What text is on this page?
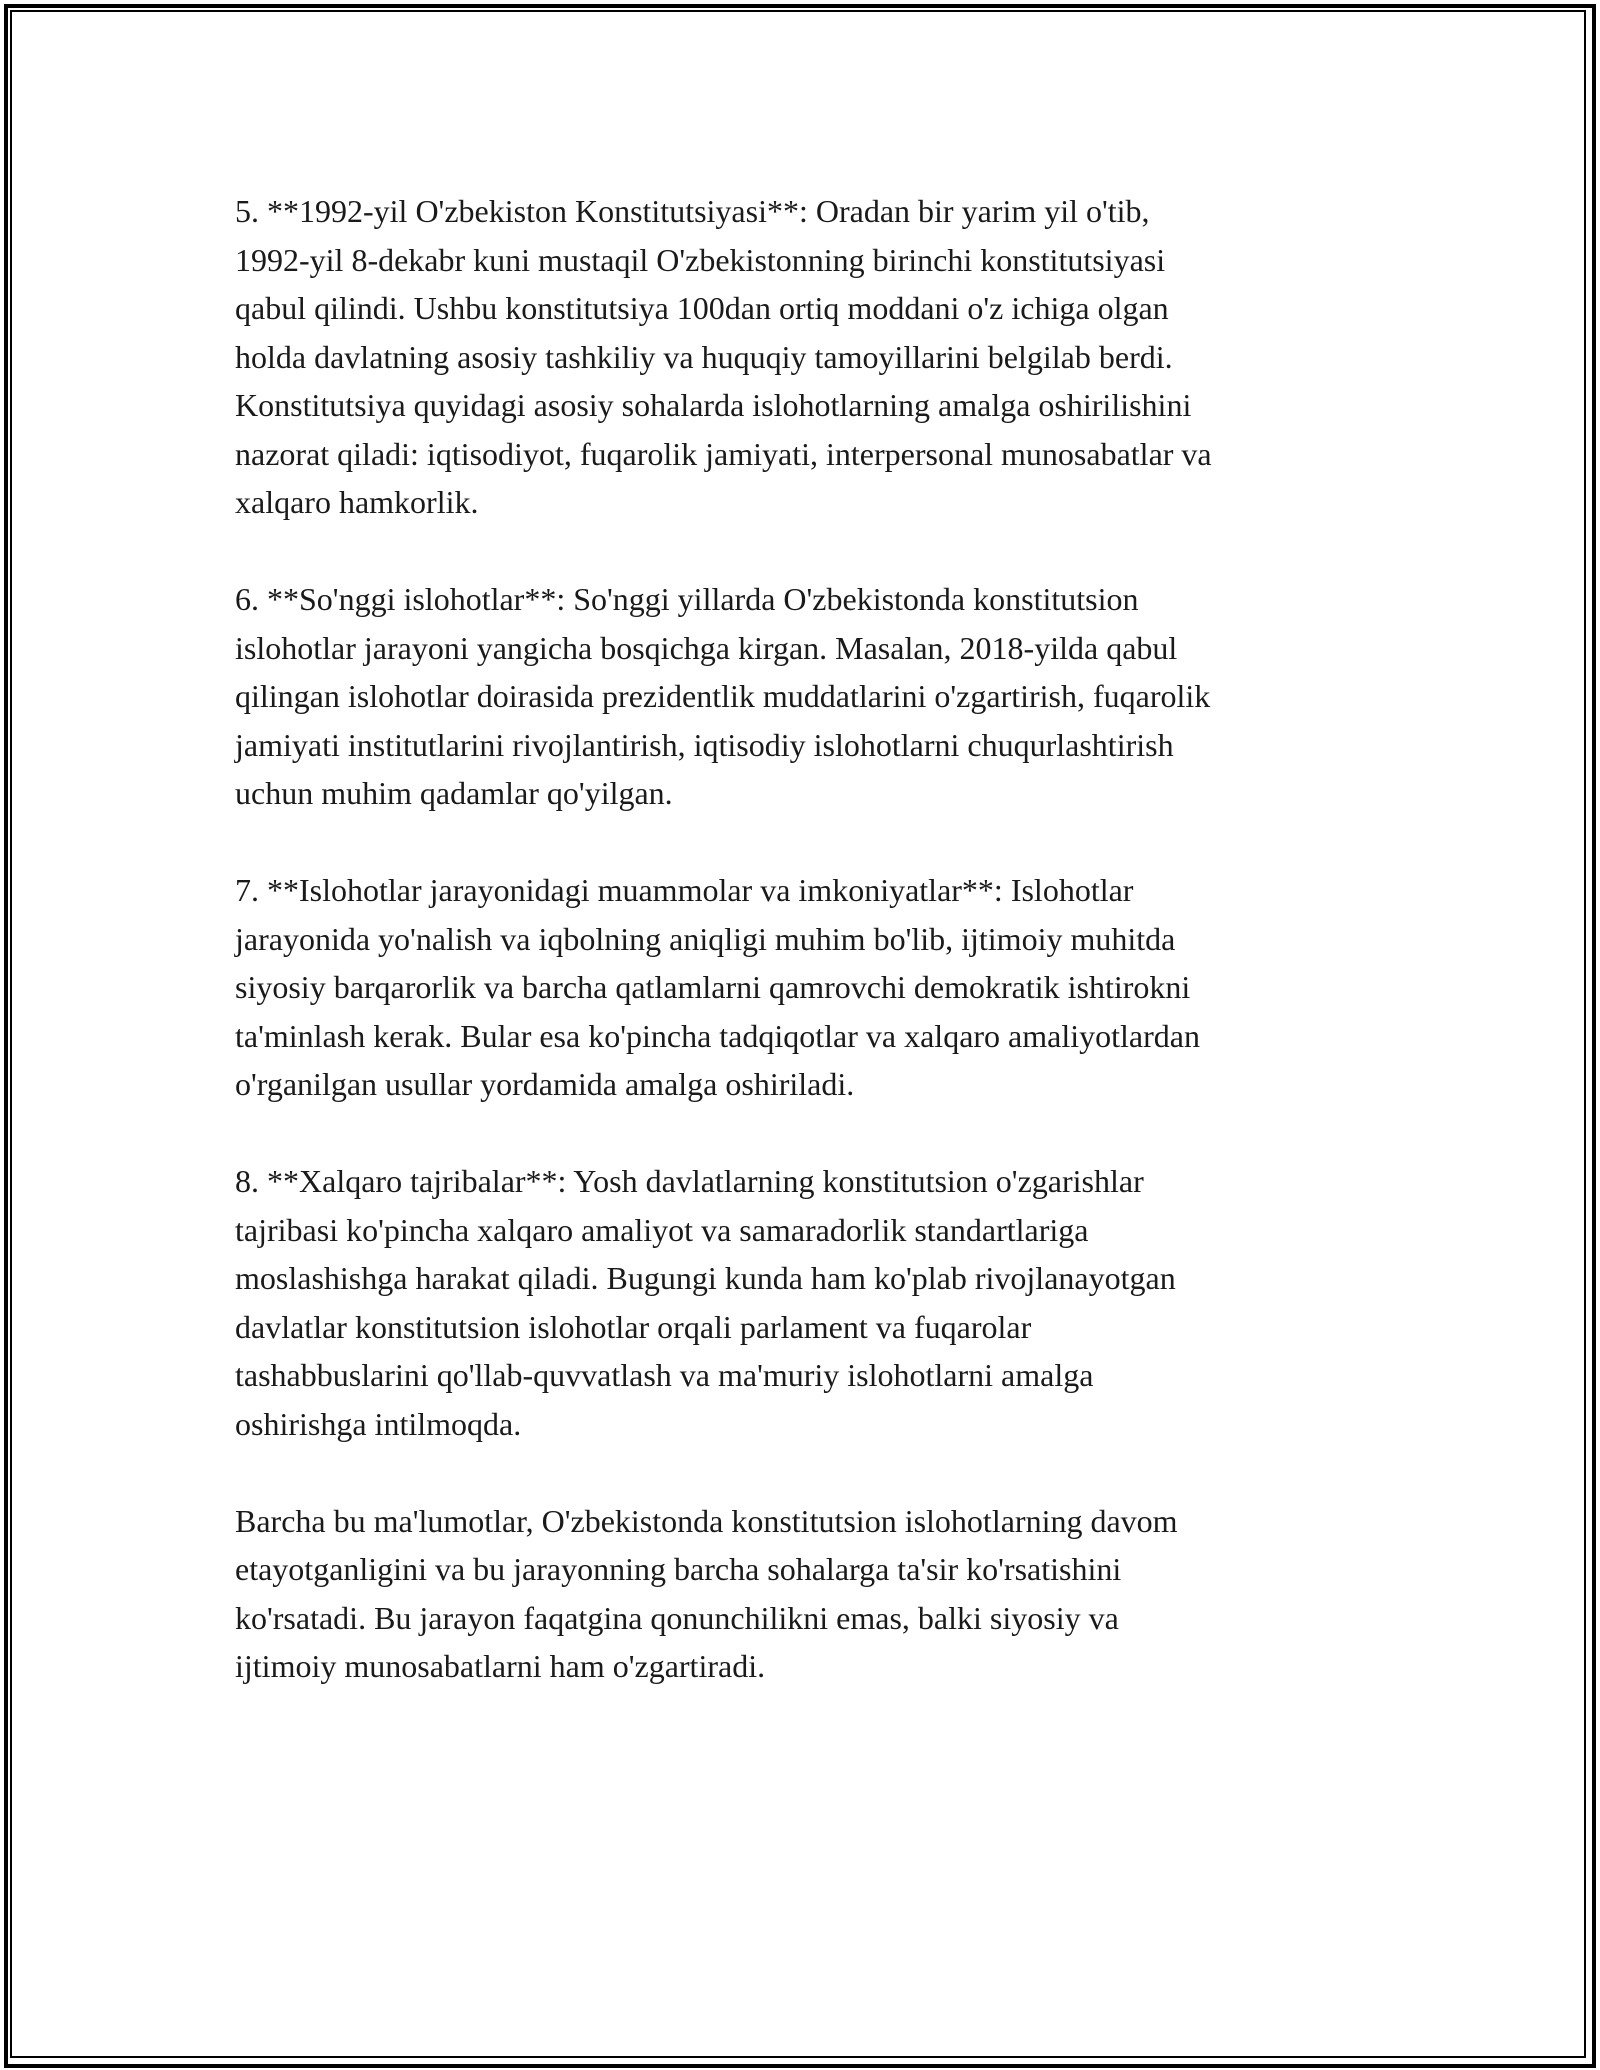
5. **1992-yil O'zbekiston Konstitutsiyasi**: Oradan bir yarim yil o'tib,
1992-yil 8-dekabr kuni mustaqil O'zbekistonning birinchi konstitutsiyasi
qabul qilindi. Ushbu konstitutsiya 100dan ortiq moddani o'z ichiga olgan
holda davlatning asosiy tashkiliy va huquqiy tamoyillarini belgilab berdi.
Konstitutsiya quyidagi asosiy sohalarda islohotlarning amalga oshirilishini
nazorat qiladi: iqtisodiyot, fuqarolik jamiyati, interpersonal munosabatlar va
xalqaro hamkorlik.

6. **So'nggi islohotlar**: So'nggi yillarda O'zbekistonda konstitutsion
islohotlar jarayoni yangicha bosqichga kirgan. Masalan, 2018-yilda qabul
qilingan islohotlar doirasida prezidentlik muddatlarini o'zgartirish, fuqarolik
jamiyati institutlarini rivojlantirish, iqtisodiy islohotlarni chuqurlashtirish
uchun muhim qadamlar qo'yilgan.

7. **Islohotlar jarayonidagi muammolar va imkoniyatlar**: Islohotlar
jarayonida yo'nalish va iqbolning aniqligi muhim bo'lib, ijtimoiy muhitda
siyosiy barqarorlik va barcha qatlamlarni qamrovchi demokratik ishtirokni
ta'minlash kerak. Bular esa ko'pincha tadqiqotlar va xalqaro amaliyotlardan
o'rganilgan usullar yordamida amalga oshiriladi.

8. **Xalqaro tajribalar**: Yosh davlatlarning konstitutsion o'zgarishlar
tajribasi ko'pincha xalqaro amaliyot va samaradorlik standartlariga
moslashishga harakat qiladi. Bugungi kunda ham ko'plab rivojlanayotgan
davlatlar konstitutsion islohotlar orqali parlament va fuqarolar
tashabbuslarini qo'llab-quvvatlash va ma'muriy islohotlarni amalga
oshirishga intilmoqda.

Barcha bu ma'lumotlar, O'zbekistonda konstitutsion islohotlarning davom
etayotganligini va bu jarayonning barcha sohalarga ta'sir ko'rsatishini
ko'rsatadi. Bu jarayon faqatgina qonunchilikni emas, balki siyosiy va
ijtimoiy munosabatlarni ham o'zgartiradi.
